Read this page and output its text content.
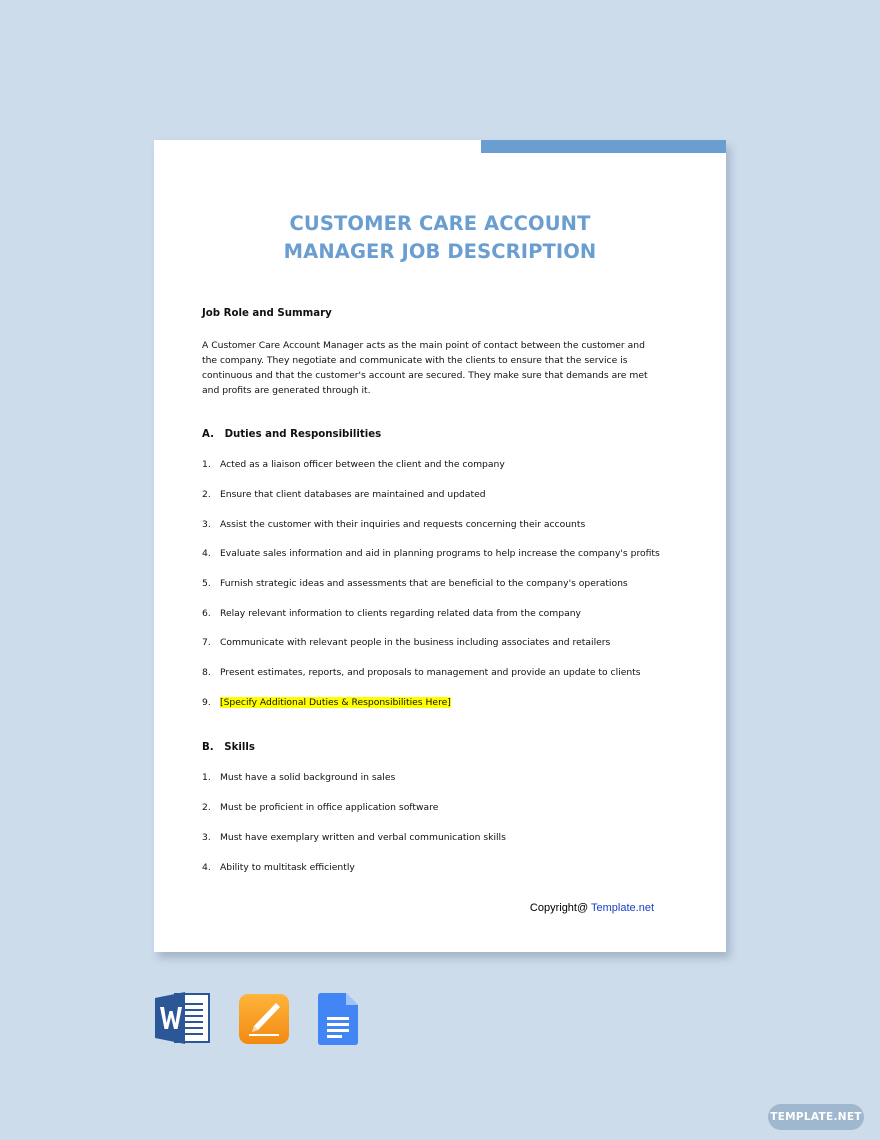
CUSTOMER CARE ACCOUNT
MANAGER JOB DESCRIPTION
Job Role and Summary
A Customer Care Account Manager acts as the main point of contact between the customer and the company. They negotiate and communicate with the clients to ensure that the service is continuous and that the customer's account are secured. They make sure that demands are met and profits are generated through it.
A.   Duties and Responsibilities
1. Acted as a liaison officer between the client and the company
2. Ensure that client databases are maintained and updated
3. Assist the customer with their inquiries and requests concerning their accounts
4. Evaluate sales information and aid in planning programs to help increase the company's profits
5. Furnish strategic ideas and assessments that are beneficial to the company's operations
6. Relay relevant information to clients regarding related data from the company
7. Communicate with relevant people in the business including associates and retailers
8. Present estimates, reports, and proposals to management and provide an update to clients
9. [Specify Additional Duties & Responsibilities Here]
B.   Skills
1. Must have a solid background in sales
2. Must be proficient in office application software
3. Must have exemplary written and verbal communication skills
4. Ability to multitask efficiently
Copyright@ Template.net
TEMPLATE.NET
